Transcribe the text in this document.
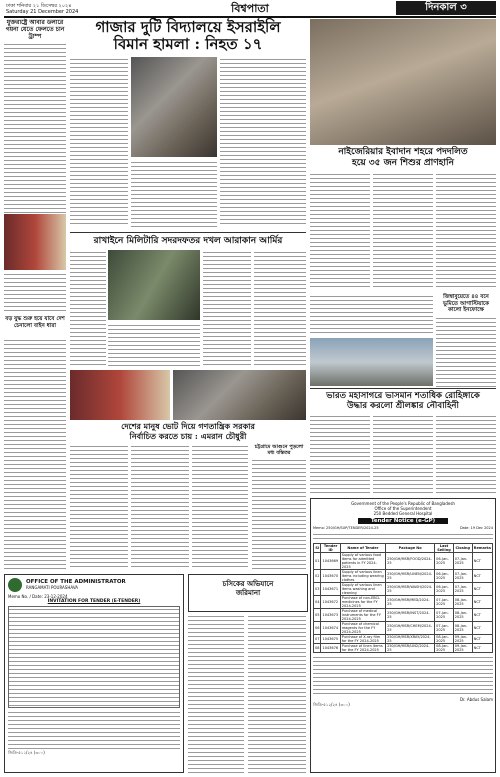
ঢাকা শনিবার ২১ ডিসেম্বর ২০২৪
Saturday 21 December 2024	বিশ্বপাতা	দিনকাল ৩
যুক্তরাষ্ট্রে আবার ডলারে গয়না যেতে ফেলতে চান ট্রাম্প
গাজার দুটি বিদ্যালয়ে ইসরাইলি
বিমান হামলা : নিহত ১৭
নাইজেরিয়ার ইবাদান শহরে পদদলিত
হয়ে ৩৫ জন শিশুর প্রাণহানি
রাখাইনে মিলিটারি সদরদফতর দখল আরাকান আর্মির
জিম্বাবুয়েতে ৪৪ বনে ভুমিতে আগাস্টিয়াকে কালো ইনফোক্ষে
বড় যুদ্ধ শুরু হয়ে যাবে দেশ চেনালো বাইন ধারা
ভারত মহাসাগরে ভাসমান শতাধিক রোহিঙ্গাকে
উদ্ধার করলো শ্রীলঙ্কার নৌবাহিনী
দেশের মানুষ ভোট দিয়ে গণতান্ত্রিক সরকার
নির্বাচিত করতে চায় : এমরান চৌধুরী
চট্টগ্রামে আগুনে পুড়লো মধ্য বস্তিতর
Government of the People's Republic of Bangladesh
Office of the Superintendent
250 Bedded General Hospital
Tender Notice (e-GP)
Memo: 250/GH/SUP/TENDER/2024-25	Date: 19 Dec 2024
Sl	Tender ID	Name of Tender	Package No	Last Selling	Closing	Remarks
01	1043669	Supply of various food items for admitted patients in FY 2024-2025	250/GH/MSR/FOOD/2024-25	06-Jan-2025	07-Jan-2025	NCT
02	1043670	Supply of various linen items including wearing clothes	250/GH/MSR/LINEN/2024-25	06-Jan-2025	07-Jan-2025	NCT
03	1043671	Supply of various linen items washing and cleaning	250/GH/MSR/WASH/2024-25	06-Jan-2025	07-Jan-2025	NCT
04	1043672	Purchase of non-EBCL medicines for the FY 2024-2025	250/GH/MSR/MED/2024-25	07-Jan-2025	08-Jan-2025	NCT
05	1043673	Purchase of medical instruments for the FY 2024-2025	250/GH/MSR/INST/2024-25	07-Jan-2025	08-Jan-2025	NCT
06	1043674	Purchase of chemical reagents for the FY 2024-2025	250/GH/MSR/CHEM/2024-25	07-Jan-2025	08-Jan-2025	NCT
07	1043675	Purchase of X-ray film for the FY 2024-2025	250/GH/MSR/XRAY/2024-25	08-Jan-2025	09-Jan-2025	NCT
08	1043676	Purchase of linen items for the FY 2024-2025	250/GH/MSR/LIN2/2024-25	08-Jan-2025	09-Jan-2025	NCT
Dr. Abdus Salam
জিডি-৫১২/২৪ (৩০০)
OFFICE OF THE ADMINISTRATOR
RANGAMATI POURASHAVA
Memo No. / Date: 23-12-2024
INVITATION FOR TENDER (E-TENDER)
জিডি-৫১১/২৪ (৩০০)
চসিকের অভিযানে
জরিমানা
